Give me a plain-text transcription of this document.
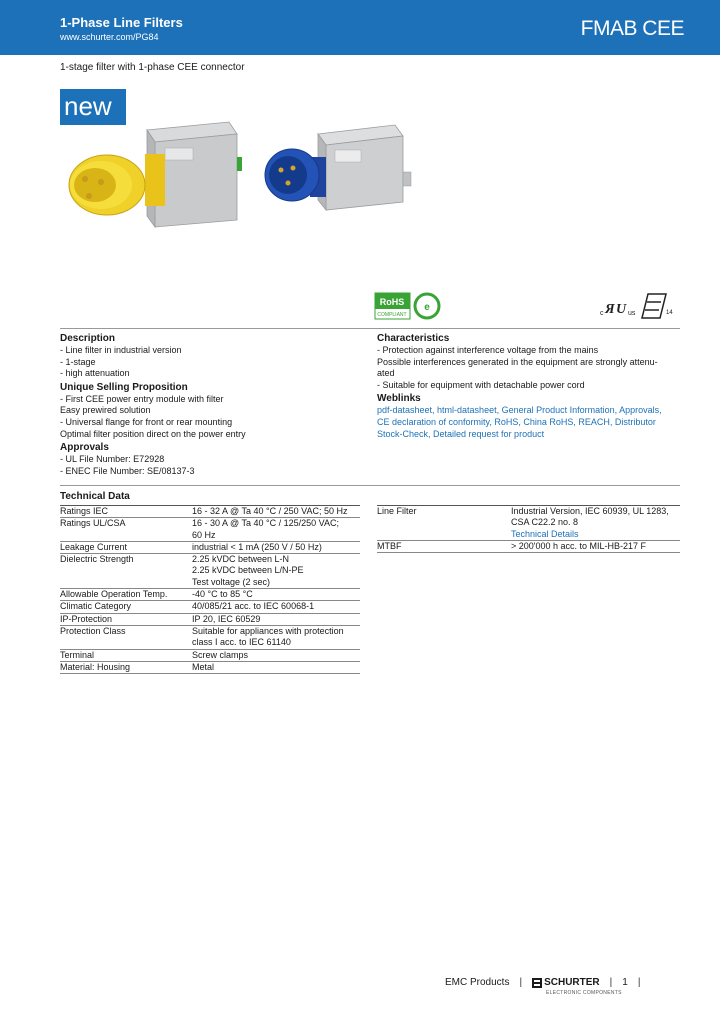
1-Phase Line Filters
www.schurter.com/PG84	FMAB CEE
1-stage filter with 1-phase CEE connector
new
RoHS
COMPLIANT
e
c Я U us	14
Description
- Line filter in industrial version
- 1-stage
- high attenuation
Unique Selling Proposition
- First CEE power entry module with filter
Easy prewired solution
- Universal flange for front or rear mounting
Optimal filter position direct on the power entry
Approvals
- UL File Number: E72928
- ENEC File Number: SE/08137-3
Characteristics
- Protection against interference voltage from the mains
Possible interferences generated in the equipment are strongly attenu-
ated
- Suitable for equipment with detachable power cord
Weblinks
pdf-datasheet, html-datasheet, General Product Information, Approvals,
CE declaration of conformity, RoHS, China RoHS, REACH, Distributor
Stock-Check, Detailed request for product
Technical Data
Ratings IEC	16 - 32 A @ Ta 40 °C / 250 VAC; 50 Hz
Ratings UL/CSA	16 - 30 A @ Ta 40 °C / 125/250 VAC;
60 Hz
Leakage Current	industrial < 1 mA (250 V / 50 Hz)
Dielectric Strength	2.25 kVDC between L-N
2.25 kVDC between L/N-PE
Test voltage (2 sec)
Allowable Operation Temp.	-40 °C to 85 °C
Climatic Category	40/085/21 acc. to IEC 60068-1
IP-Protection	IP 20, IEC 60529
Protection Class	Suitable for appliances with protection
class I acc. to IEC 61140
Terminal	Screw clamps
Material: Housing	Metal
Line Filter	Industrial Version, IEC 60939, UL 1283,
CSA C22.2 no. 8
Technical Details
MTBF	> 200'000 h acc. to MIL-HB-217 F
EMC Products | SCHURTER | 1 |
ELECTRONIC COMPONENTS
